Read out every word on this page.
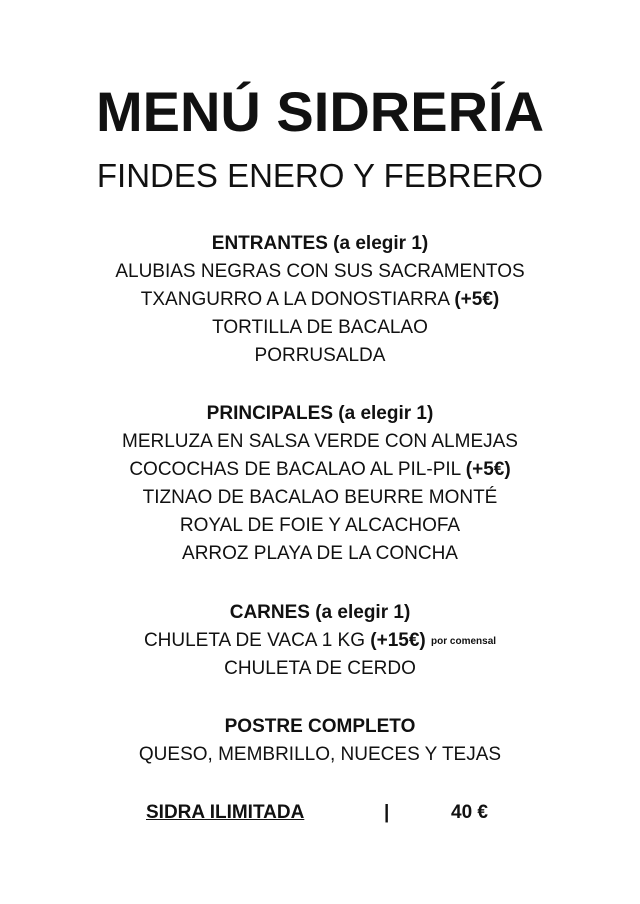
MENÚ SIDRERÍA
FINDES ENERO Y FEBRERO
ENTRANTES (a elegir 1)
ALUBIAS NEGRAS CON SUS SACRAMENTOS
TXANGURRO A LA DONOSTIARRA (+5€)
TORTILLA DE BACALAO
PORRUSALDA
PRINCIPALES (a elegir 1)
MERLUZA EN SALSA VERDE CON ALMEJAS
COCOCHAS DE BACALAO AL PIL-PIL (+5€)
TIZNAO DE BACALAO BEURRE MONTÉ
ROYAL DE FOIE Y ALCACHOFA
ARROZ PLAYA DE LA CONCHA
CARNES (a elegir 1)
CHULETA DE VACA 1 KG (+15€) por comensal
CHULETA DE CERDO
POSTRE COMPLETO
QUESO, MEMBRILLO, NUECES Y TEJAS
SIDRA ILIMITADA	|	40 €
